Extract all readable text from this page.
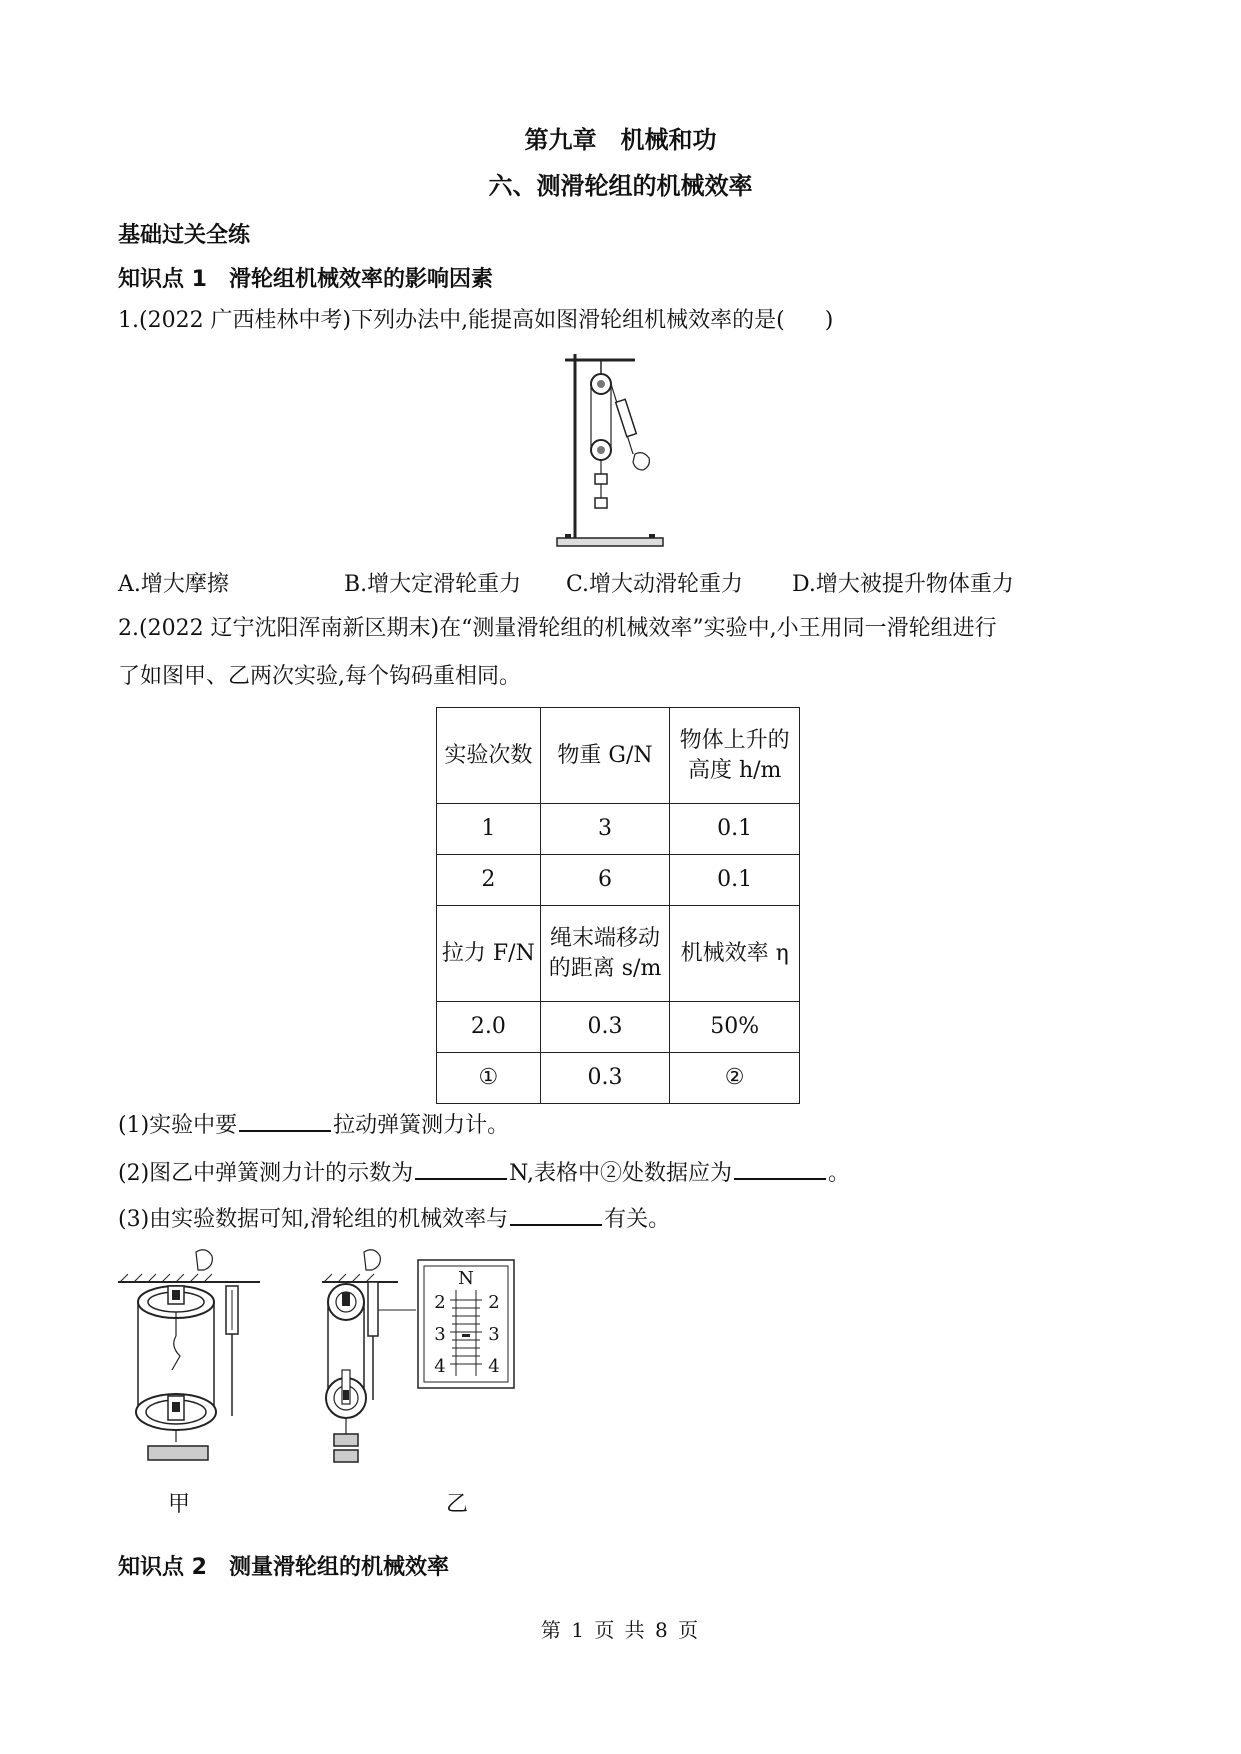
第九章　机械和功
六、测滑轮组的机械效率
基础过关全练
知识点 1　滑轮组机械效率的影响因素
1.(2022 广西桂林中考)下列办法中,能提高如图滑轮组机械效率的是( )
A.增大摩擦	B.增大定滑轮重力 C.增大动滑轮重力 D.增大被提升物体重力
2.(2022 辽宁沈阳浑南新区期末)在“测量滑轮组的机械效率”实验中,小王用同一滑轮组进行
了如图甲、乙两次实验,每个钩码重相同。
实验次数	物重 G/N	物体上升的高度 h/m
1	3	0.1
2	6	0.1
拉力 F/N	绳末端移动的距离 s/m	机械效率 η
2.0	0.3	50%
①	0.3	②
(1)实验中要	拉动弹簧测力计。
(2)图乙中弹簧测力计的示数为	N,表格中②处数据应为	。
(3)由实验数据可知,滑轮组的机械效率与	有关。
甲
N
2
3
4
2
3
4
乙
知识点 2　测量滑轮组的机械效率
第 1 页 共 8 页
